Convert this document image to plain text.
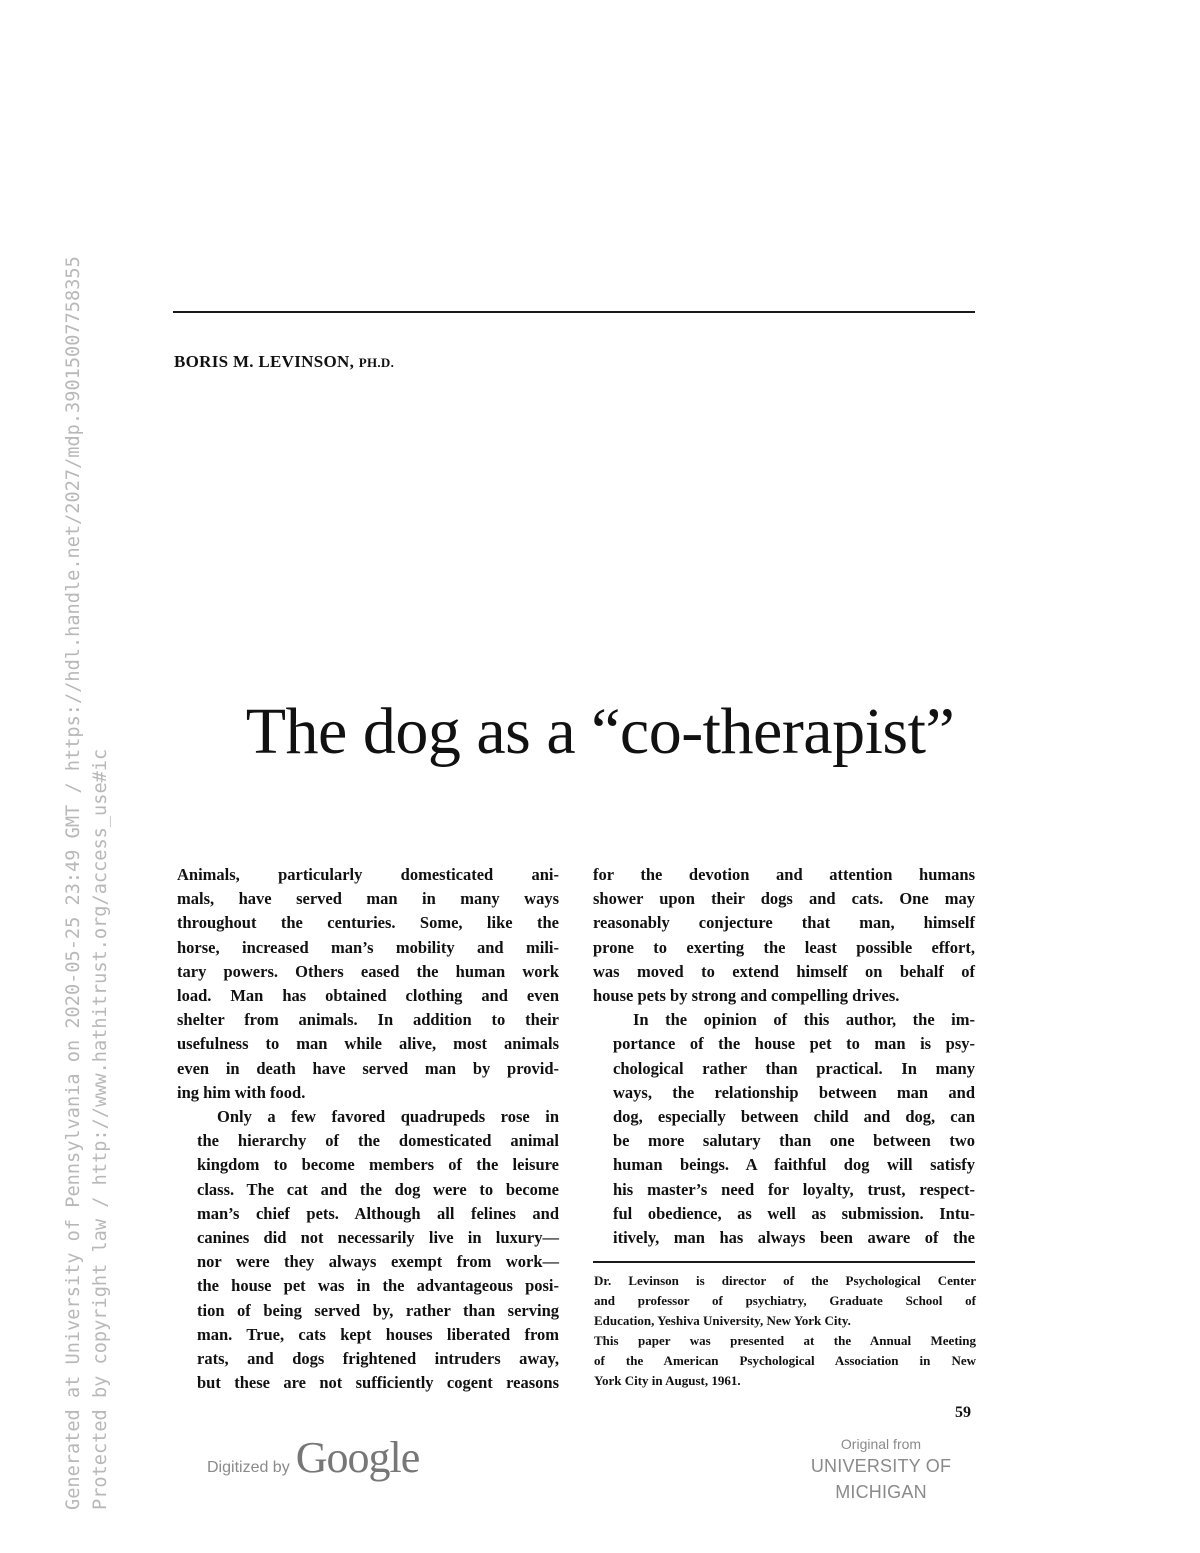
Generated at University of Pennsylvania on 2020-05-25 23:49 GMT / https://hdl.handle.net/2027/mdp.39015007758355 Protected by copyright law / http://www.hathitrust.org/access_use#ic
BORIS M. LEVINSON, PH.D.
The dog as a “co-therapist”

Animals, particularly domesticated ani-
mals, have served man in many ways
throughout the centuries. Some, like the
horse, increased man’s mobility and mili-
tary powers. Others eased the human work
load. Man has obtained clothing and even
shelter from animals. In addition to their
usefulness to man while alive, most animals
even in death have served man by provid-
ing him with food.

Only a few favored quadrupeds rose in
the hierarchy of the domesticated animal
kingdom to become members of the leisure
class. The cat and the dog were to become
man’s chief pets. Although all felines and
canines did not necessarily live in luxury—
nor were they always exempt from work—
the house pet was in the advantageous posi-
tion of being served by, rather than serving
man. True, cats kept houses liberated from
rats, and dogs frightened intruders away,
but these are not sufficiently cogent reasons

for the devotion and attention humans
shower upon their dogs and cats. One may
reasonably conjecture that man, himself
prone to exerting the least possible effort,
was moved to extend himself on behalf of
house pets by strong and compelling drives.

In the opinion of this author, the im-
portance of the house pet to man is psy-
chological rather than practical. In many
ways, the relationship between man and
dog, especially between child and dog, can
be more salutary than one between two
human beings. A faithful dog will satisfy
his master’s need for loyalty, trust, respect-
ful obedience, as well as submission. Intu-
itively, man has always been aware of the

Dr. Levinson is director of the Psychological Center
and professor of psychiatry, Graduate School of
Education, Yeshiva University, New York City.

This paper was presented at the Annual Meeting
of the American Psychological Association in New
York City in August, 1961.

59
Digitized by Google	Original from
UNIVERSITY OF MICHIGAN
